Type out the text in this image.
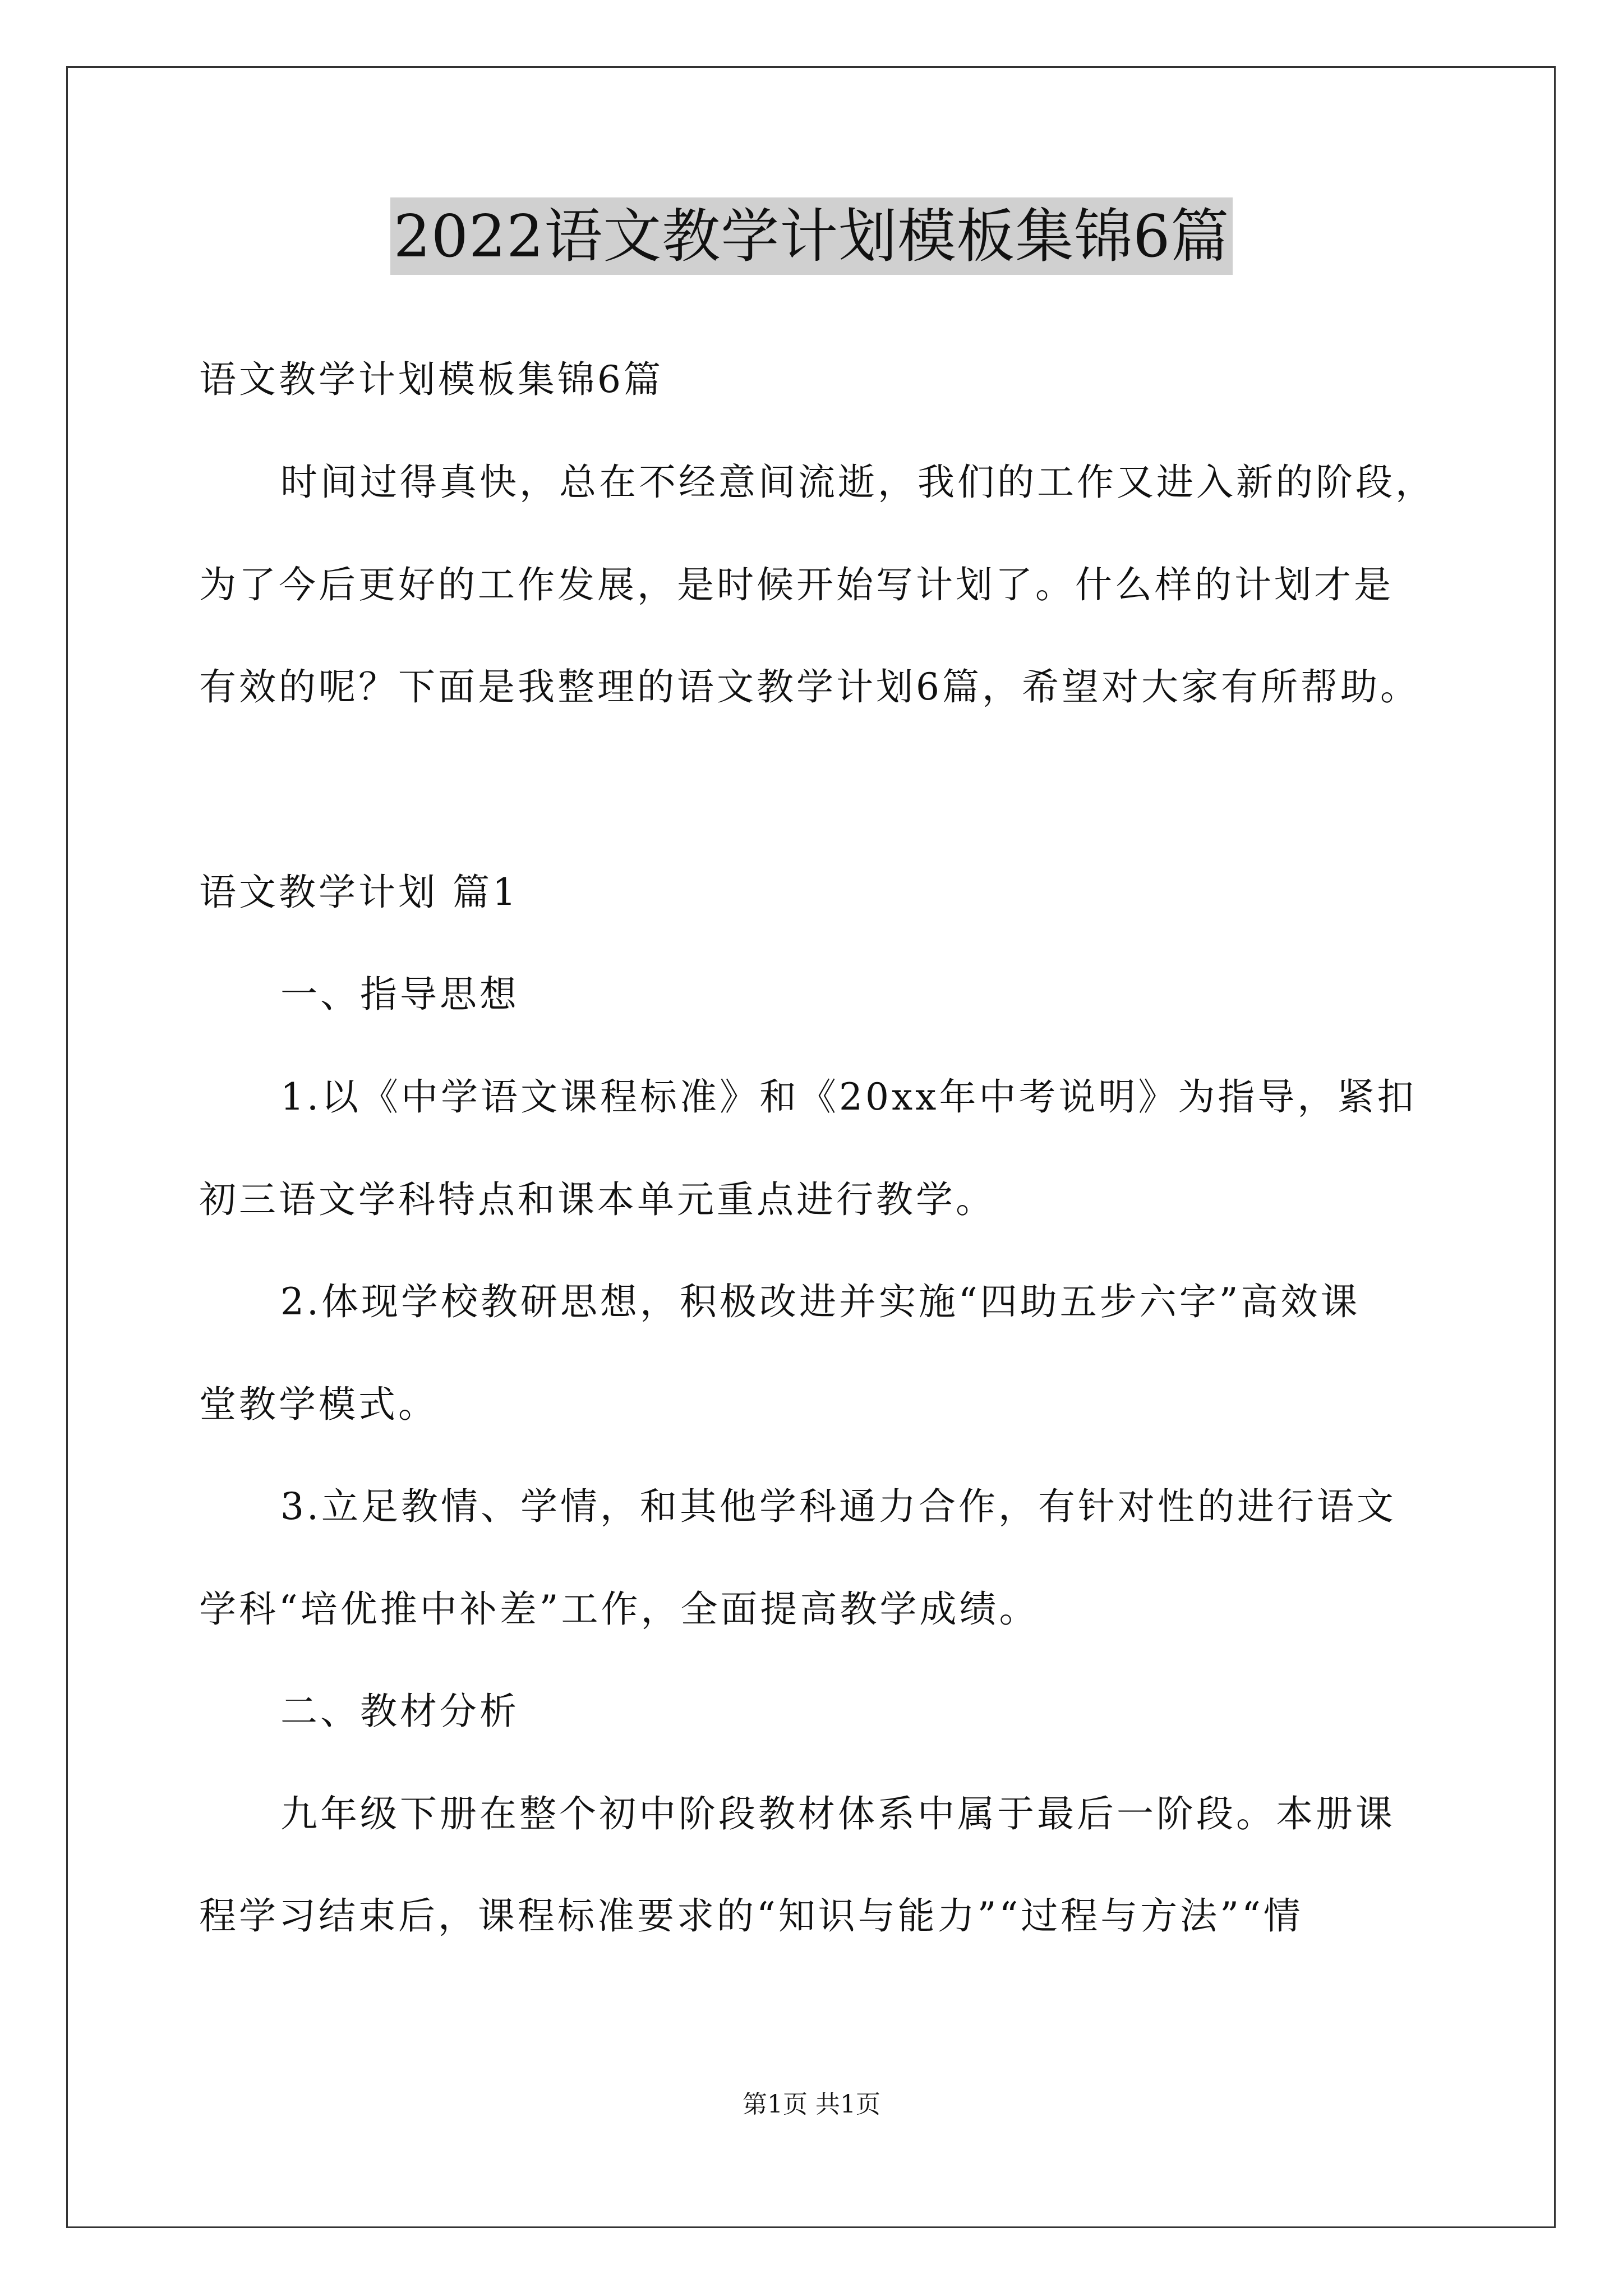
2022语文教学计划模板集锦6篇
语文教学计划模板集锦6篇
时间过得真快，总在不经意间流逝，我们的工作又进入新的阶段，
为了今后更好的工作发展，是时候开始写计划了。什么样的计划才是
有效的呢？下面是我整理的语文教学计划6篇，希望对大家有所帮助。
语文教学计划 篇1
一、指导思想
1.以《中学语文课程标准》和《20xx年中考说明》为指导，紧扣
初三语文学科特点和课本单元重点进行教学。
2.体现学校教研思想，积极改进并实施“四助五步六字”高效课
堂教学模式。
3.立足教情、学情，和其他学科通力合作，有针对性的进行语文
学科“培优推中补差”工作，全面提高教学成绩。
二、教材分析
九年级下册在整个初中阶段教材体系中属于最后一阶段。本册课
程学习结束后，课程标准要求的“知识与能力”“过程与方法”“情
第1页 共1页
